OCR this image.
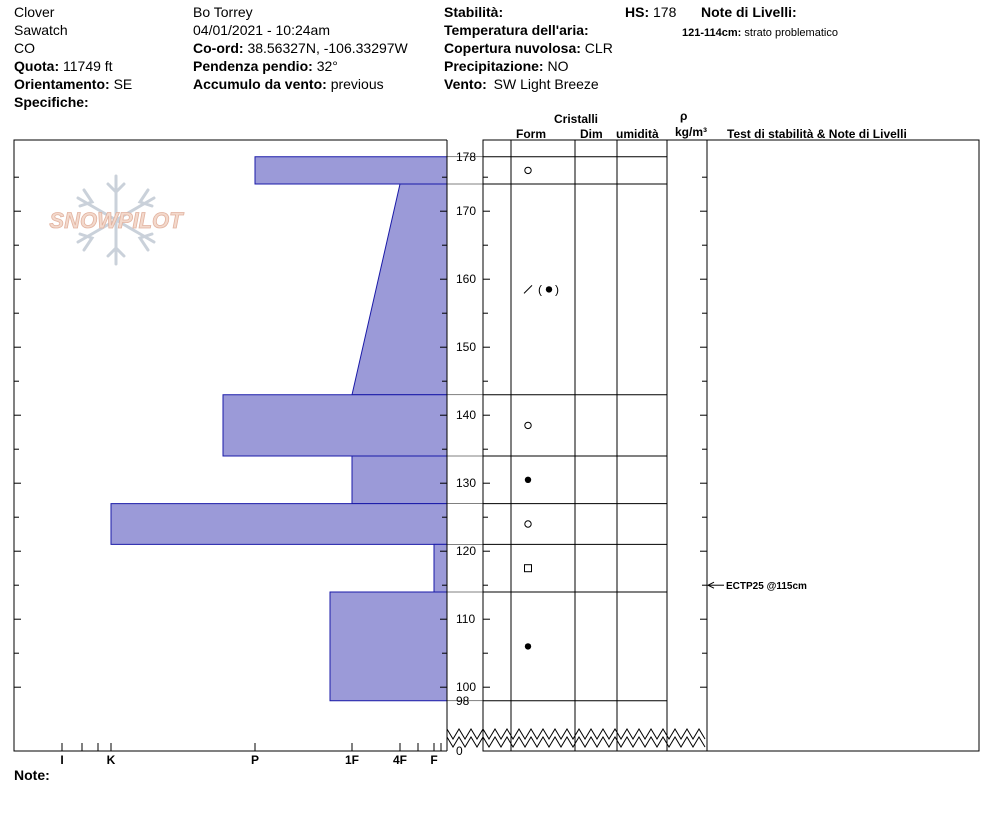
Clover
Sawatch
CO
Quota: 11749 ft
Orientamento: SE
Specifiche:
Bo Torrey
04/01/2021 - 10:24am
Co-ord: 38.56327N, -106.33297W
Pendenza pendio: 32°
Accumulo da vento: previous
Stabilità:
Temperatura dell'aria:
Copertura nuvolosa: CLR
Precipitazione: NO
Vento: SW Light Breeze
HS: 178 Note di Livelli:
121-114cm: strato problematico
Cristalli
Form	Dim umidità
ρ
kg/m³ Test di stabilità & Note di Livelli
Note:
SNOWPILOT
178
170
160
150
140
130
120
110
100
98
0
I	K	P	1F	4F F
( )
ECTP25 @115cm
